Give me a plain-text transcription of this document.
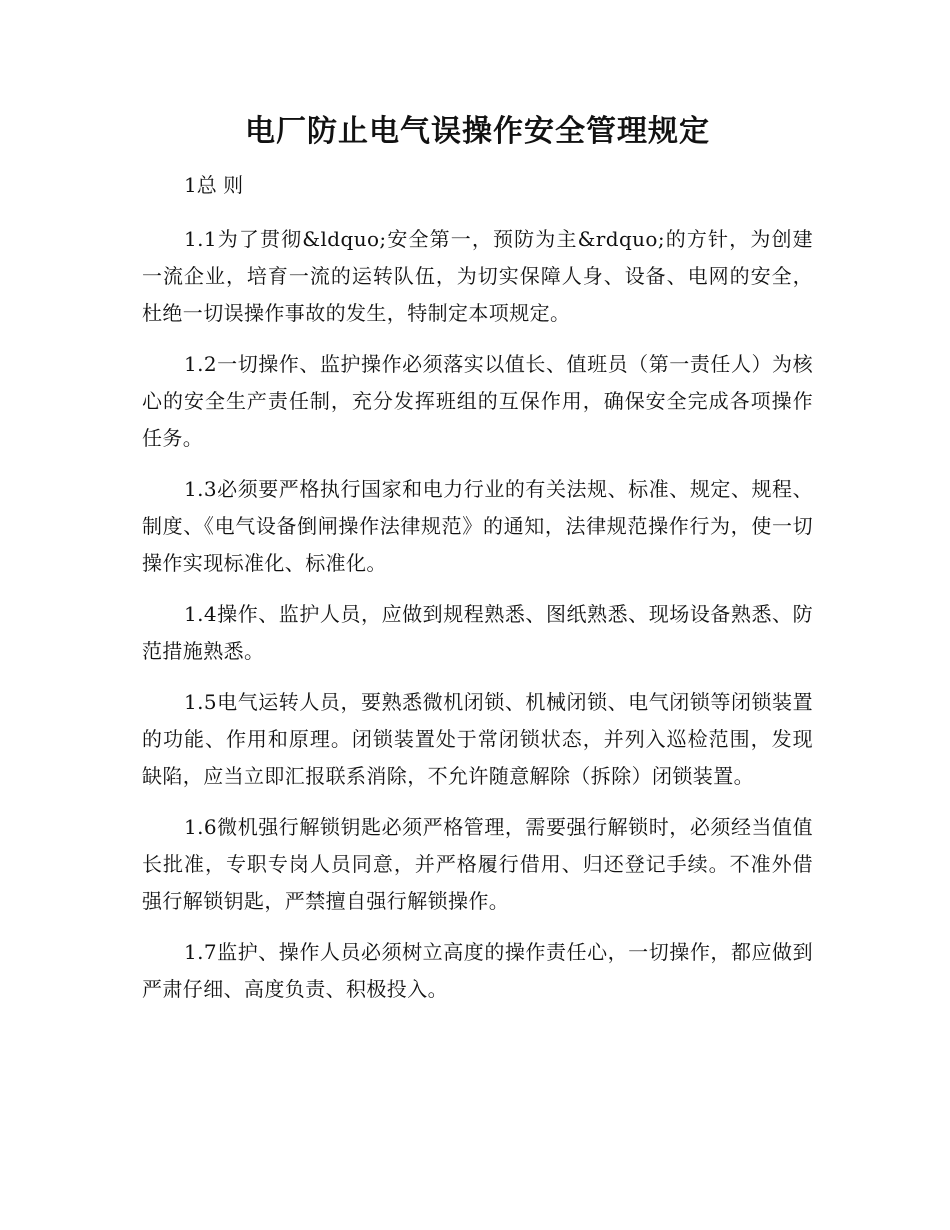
电厂防止电气误操作安全管理规定

1总 则

1.1为了贯彻&ldquo;安全第一，预防为主&rdquo;的方针，为创建一流企业，培育一流的运转队伍，为切实保障人身、设备、电网的安全，杜绝一切误操作事故的发生，特制定本项规定。

1.2一切操作、监护操作必须落实以值长、值班员（第一责任人）为核心的安全生产责任制，充分发挥班组的互保作用，确保安全完成各项操作任务。

1.3必须要严格执行国家和电力行业的有关法规、标准、规定、规程、制度、《电气设备倒闸操作法律规范》的通知，法律规范操作行为，使一切操作实现标准化、标准化。

1.4操作、监护人员，应做到规程熟悉、图纸熟悉、现场设备熟悉、防范措施熟悉。

1.5电气运转人员，要熟悉微机闭锁、机械闭锁、电气闭锁等闭锁装置的功能、作用和原理。闭锁装置处于常闭锁状态，并列入巡检范围，发现缺陷，应当立即汇报联系消除，不允许随意解除（拆除）闭锁装置。

1.6微机强行解锁钥匙必须严格管理，需要强行解锁时，必须经当值值长批准，专职专岗人员同意，并严格履行借用、归还登记手续。不准外借强行解锁钥匙，严禁擅自强行解锁操作。

1.7监护、操作人员必须树立高度的操作责任心，一切操作，都应做到严肃仔细、高度负责、积极投入。
